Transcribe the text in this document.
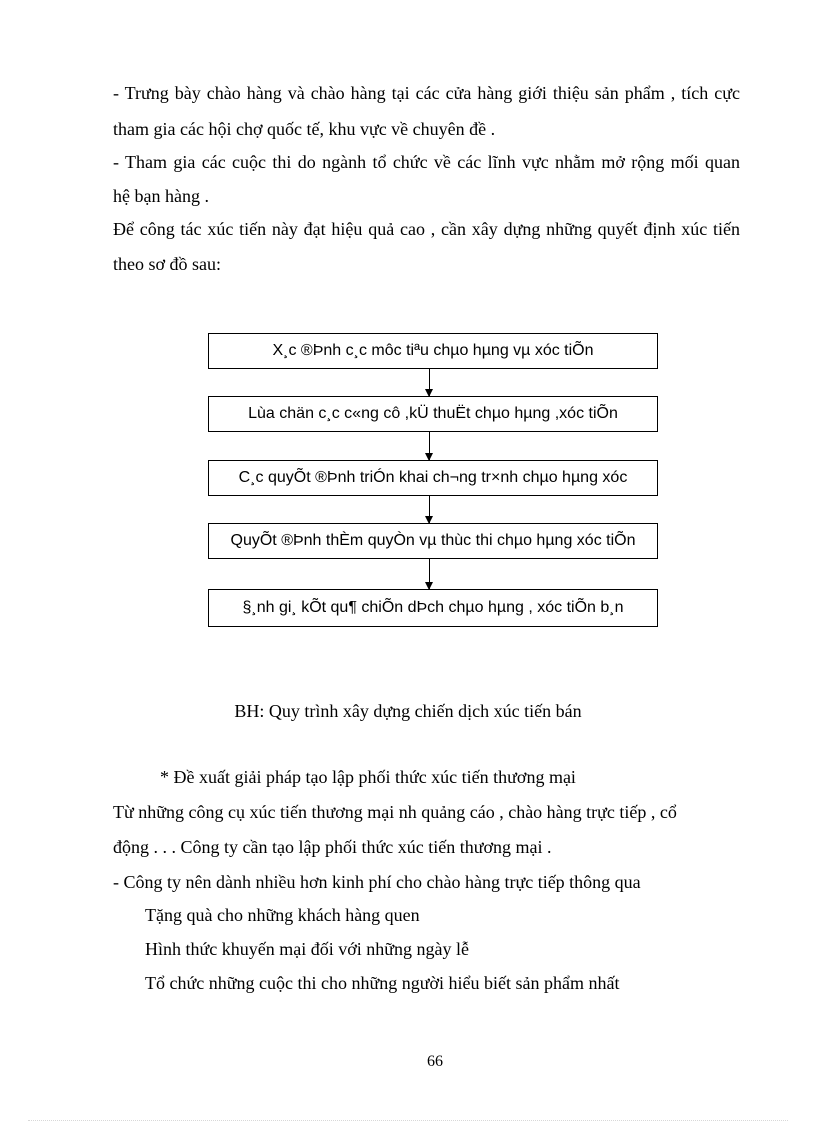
- Trưng bày chào hàng và chào hàng tại các cửa hàng giới thiệu sản phẩm , tích cực
tham gia các hội chợ quốc tế, khu vực về chuyên đề .
- Tham gia các cuộc thi do ngành tổ chức về các lĩnh vực nhằm mở rộng mối quan
hệ bạn hàng .
Để công tác xúc tiến này đạt hiệu quả cao , cần xây dựng những quyết định xúc tiến
theo sơ đồ sau:
X¸c ®Þnh c¸c môc tiªu chµo hµng vµ xóc tiÕn
Lùa chän c¸c c«ng cô ,kÜ thuËt chµo hµng ,xóc tiÕn
C¸c quyÕt ®Þnh triÓn khai ch¬ng tr×nh chµo hµng xóc
QuyÕt ®Þnh thÈm quyÒn vµ thùc thi chµo hµng xóc tiÕn
§¸nh gi¸ kÕt qu¶ chiÕn dÞch chµo hµng , xóc tiÕn b¸n
BH: Quy trình xây dựng chiến dịch xúc tiến bán
* Đề xuất giải pháp tạo lập phối thức xúc tiến thương mại
Từ những công cụ xúc tiến thương mại nh quảng cáo , chào hàng trực tiếp , cổ
động . . . Công ty cần tạo lập phối thức xúc tiến thương mại .
- Công ty nên dành nhiều hơn kinh phí cho chào hàng trực tiếp thông qua
Tặng quà cho những khách hàng quen
Hình thức khuyến mại đối với những ngày lễ
Tổ chức những cuộc thi cho những người hiểu biết sản phẩm nhất
66
